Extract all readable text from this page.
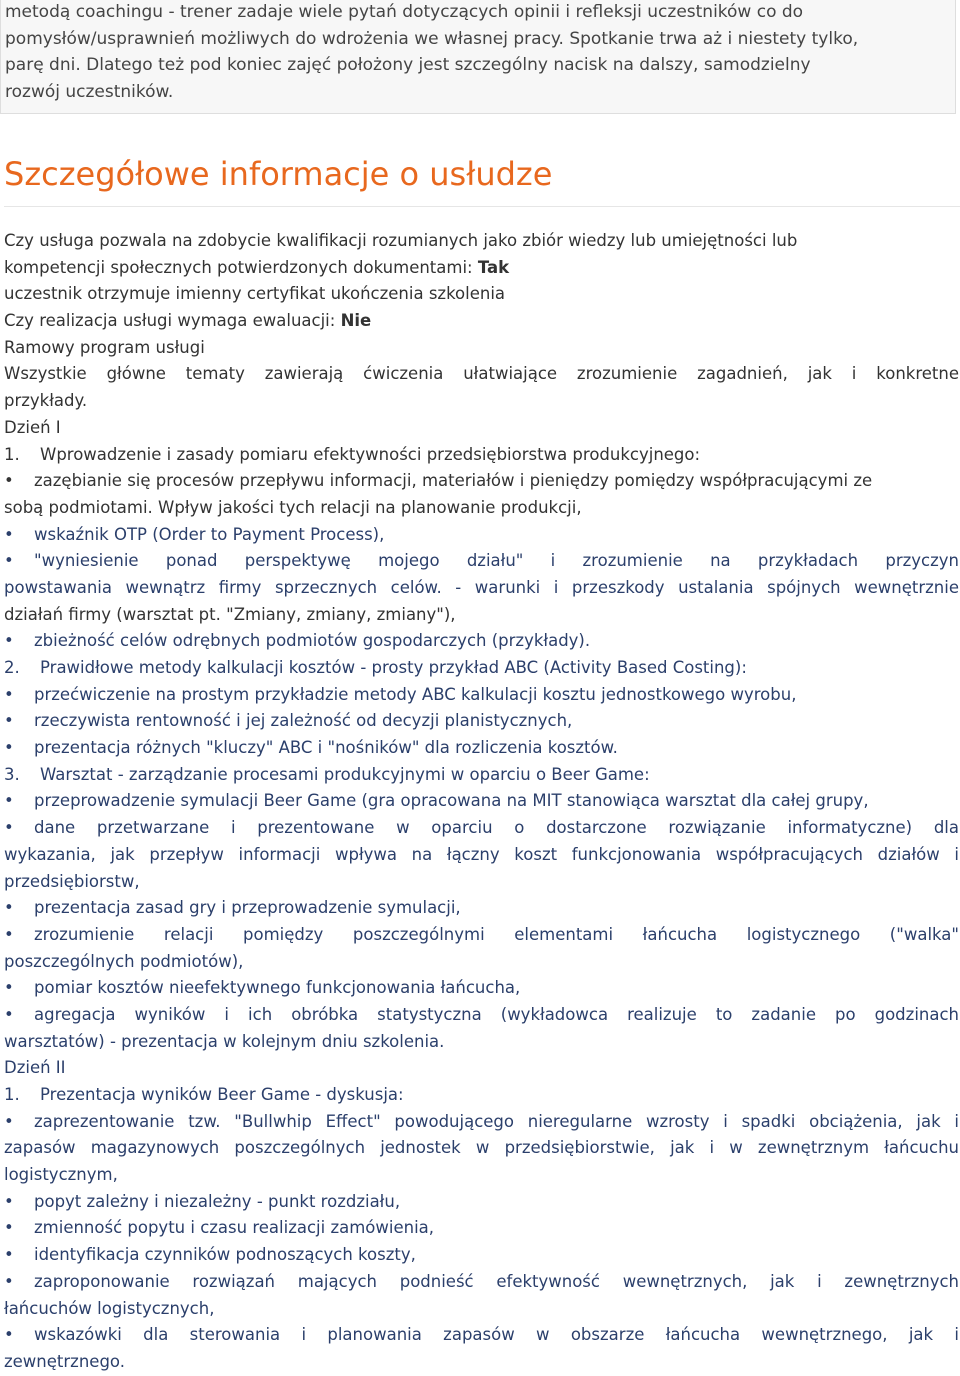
metodą coachingu - trener zadaje wiele pytań dotyczących opinii i refleksji uczestników co do
pomysłów/usprawnień możliwych do wdrożenia we własnej pracy. Spotkanie trwa aż i niestety tylko,
parę dni. Dlatego też pod koniec zajęć położony jest szczególny nacisk na dalszy, samodzielny
rozwój uczestników.
Szczegółowe informacje o usłudze
Czy usługa pozwala na zdobycie kwalifikacji rozumianych jako zbiór wiedzy lub umiejętności lub
kompetencji społecznych potwierdzonych dokumentami: Tak
uczestnik otrzymuje imienny certyfikat ukończenia szkolenia
Czy realizacja usługi wymaga ewaluacji: Nie
Ramowy program usługi
Wszystkie główne tematy zawierają ćwiczenia ułatwiające zrozumienie zagadnień, jak i konkretne
przykłady.
Dzień I
1. Wprowadzenie i zasady pomiaru efektywności przedsiębiorstwa produkcyjnego:
• zazębianie się procesów przepływu informacji, materiałów i pieniędzy pomiędzy współpracującymi ze
sobą podmiotami. Wpływ jakości tych relacji na planowanie produkcji,
• wskaźnik OTP (Order to Payment Process),
• "wyniesienie ponad perspektywę mojego działu" i zrozumienie na przykładach przyczyn
powstawania wewnątrz firmy sprzecznych celów. - warunki i przeszkody ustalania spójnych wewnętrznie
działań firmy (warsztat pt. "Zmiany, zmiany, zmiany"),
• zbieżność celów odrębnych podmiotów gospodarczych (przykłady).
2. Prawidłowe metody kalkulacji kosztów - prosty przykład ABC (Activity Based Costing):
• przećwiczenie na prostym przykładzie metody ABC kalkulacji kosztu jednostkowego wyrobu,
• rzeczywista rentowność i jej zależność od decyzji planistycznych,
• prezentacja różnych "kluczy" ABC i "nośników" dla rozliczenia kosztów.
3. Warsztat - zarządzanie procesami produkcyjnymi w oparciu o Beer Game:
• przeprowadzenie symulacji Beer Game (gra opracowana na MIT stanowiąca warsztat dla całej grupy,
• dane przetwarzane i prezentowane w oparciu o dostarczone rozwiązanie informatyczne) dla
wykazania, jak przepływ informacji wpływa na łączny koszt funkcjonowania współpracujących działów i
przedsiębiorstw,
• prezentacja zasad gry i przeprowadzenie symulacji,
• zrozumienie relacji pomiędzy poszczególnymi elementami łańcucha logistycznego ("walka"
poszczególnych podmiotów),
• pomiar kosztów nieefektywnego funkcjonowania łańcucha,
• agregacja wyników i ich obróbka statystyczna (wykładowca realizuje to zadanie po godzinach
warsztatów) - prezentacja w kolejnym dniu szkolenia.
Dzień II
1. Prezentacja wyników Beer Game - dyskusja:
• zaprezentowanie tzw. "Bullwhip Effect" powodującego nieregularne wzrosty i spadki obciążenia, jak i
zapasów magazynowych poszczególnych jednostek w przedsiębiorstwie, jak i w zewnętrznym łańcuchu
logistycznym,
• popyt zależny i niezależny - punkt rozdziału,
• zmienność popytu i czasu realizacji zamówienia,
• identyfikacja czynników podnoszących koszty,
• zaproponowanie rozwiązań mających podnieść efektywność wewnętrznych, jak i zewnętrznych
łańcuchów logistycznych,
• wskazówki dla sterowania i planowania zapasów w obszarze łańcucha wewnętrznego, jak i
zewnętrznego.
